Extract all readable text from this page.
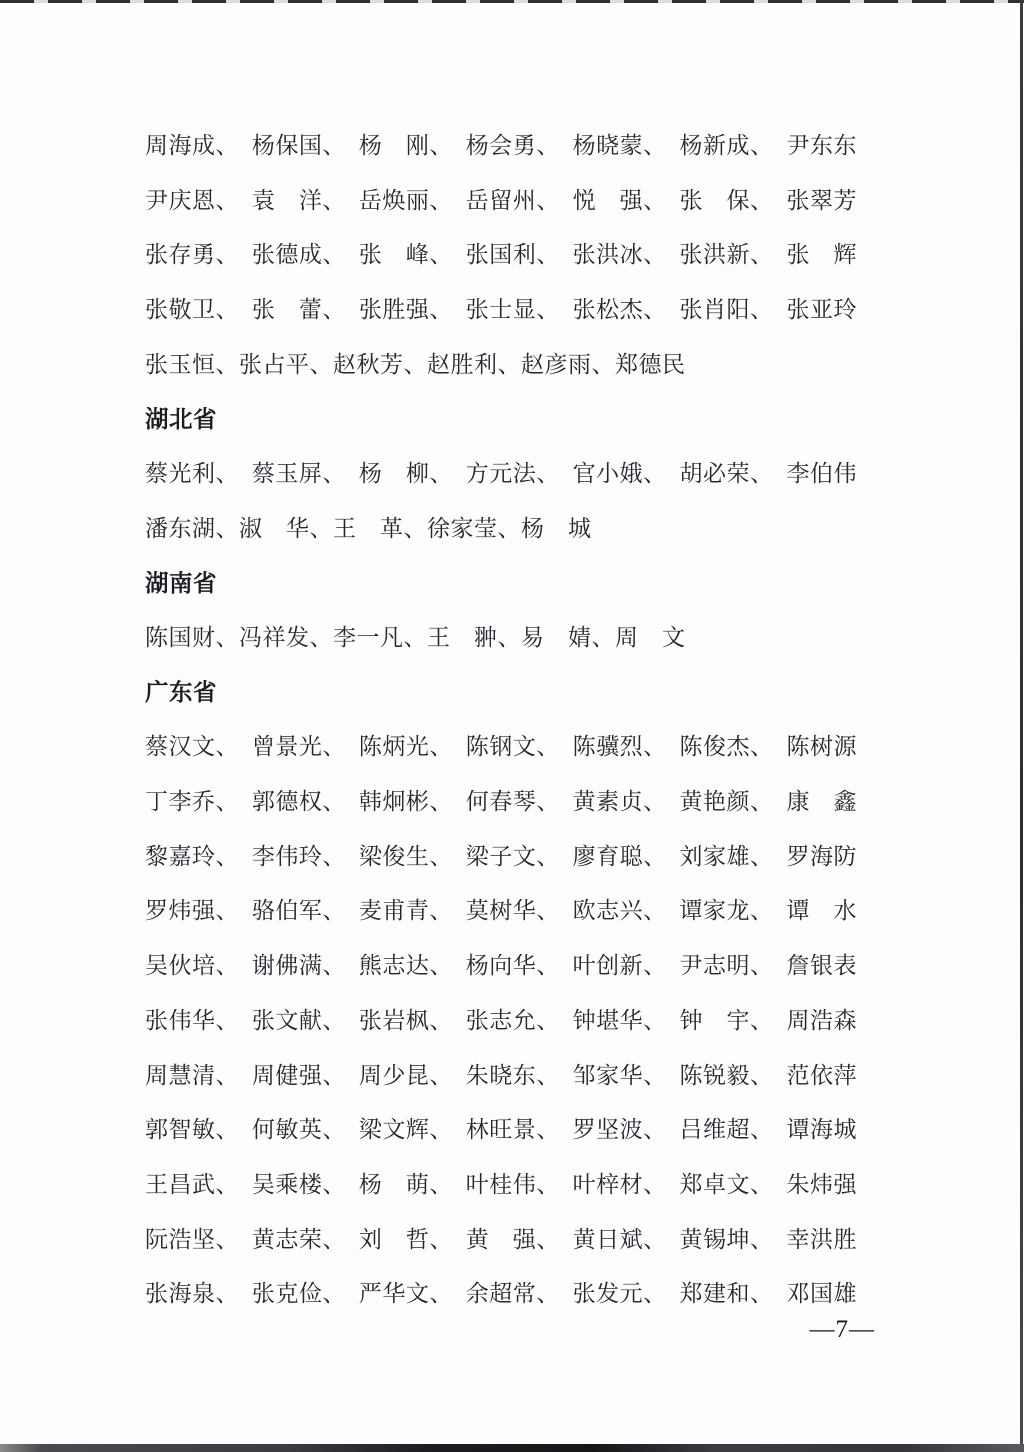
周海成、 杨保国、 杨　刚、 杨会勇、 杨晓蒙、 杨新成、 尹东东
尹庆恩、 袁　洋、 岳焕丽、 岳留州、 悦　强、 张　保、 张翠芳
张存勇、 张德成、 张　峰、 张国利、 张洪冰、 张洪新、 张　辉
张敬卫、 张　蕾、 张胜强、 张士显、 张松杰、 张肖阳、 张亚玲
张玉恒、张占平、赵秋芳、赵胜利、赵彦雨、郑德民
湖北省
蔡光利、 蔡玉屏、 杨　柳、 方元法、 官小娥、 胡必荣、 李伯伟
潘东湖、淑　华、王　革、徐家莹、杨　城
湖南省
陈国财、冯祥发、李一凡、王　翀、易　婧、周　文
广东省
蔡汉文、 曾景光、 陈炳光、 陈钢文、 陈骥烈、 陈俊杰、 陈树源
丁李乔、 郭德权、 韩炯彬、 何春琴、 黄素贞、 黄艳颜、 康　鑫
黎嘉玲、 李伟玲、 梁俊生、 梁子文、 廖育聪、 刘家雄、 罗海防
罗炜强、 骆伯军、 麦甫青、 莫树华、 欧志兴、 谭家龙、 谭　水
吴伙培、 谢佛满、 熊志达、 杨向华、 叶创新、 尹志明、 詹银表
张伟华、 张文献、 张岩枫、 张志允、 钟堪华、 钟　宇、 周浩森
周慧清、 周健强、 周少昆、 朱晓东、 邹家华、 陈锐毅、 范依萍
郭智敏、 何敏英、 梁文辉、 林旺景、 罗坚波、 吕维超、 谭海城
王昌武、 吴乘楼、 杨　萌、 叶桂伟、 叶梓材、 郑卓文、 朱炜强
阮浩坚、 黄志荣、 刘　哲、 黄　强、 黄日斌、 黄锡坤、 幸洪胜
张海泉、 张克俭、 严华文、 余超常、 张发元、 郑建和、 邓国雄
—7—
